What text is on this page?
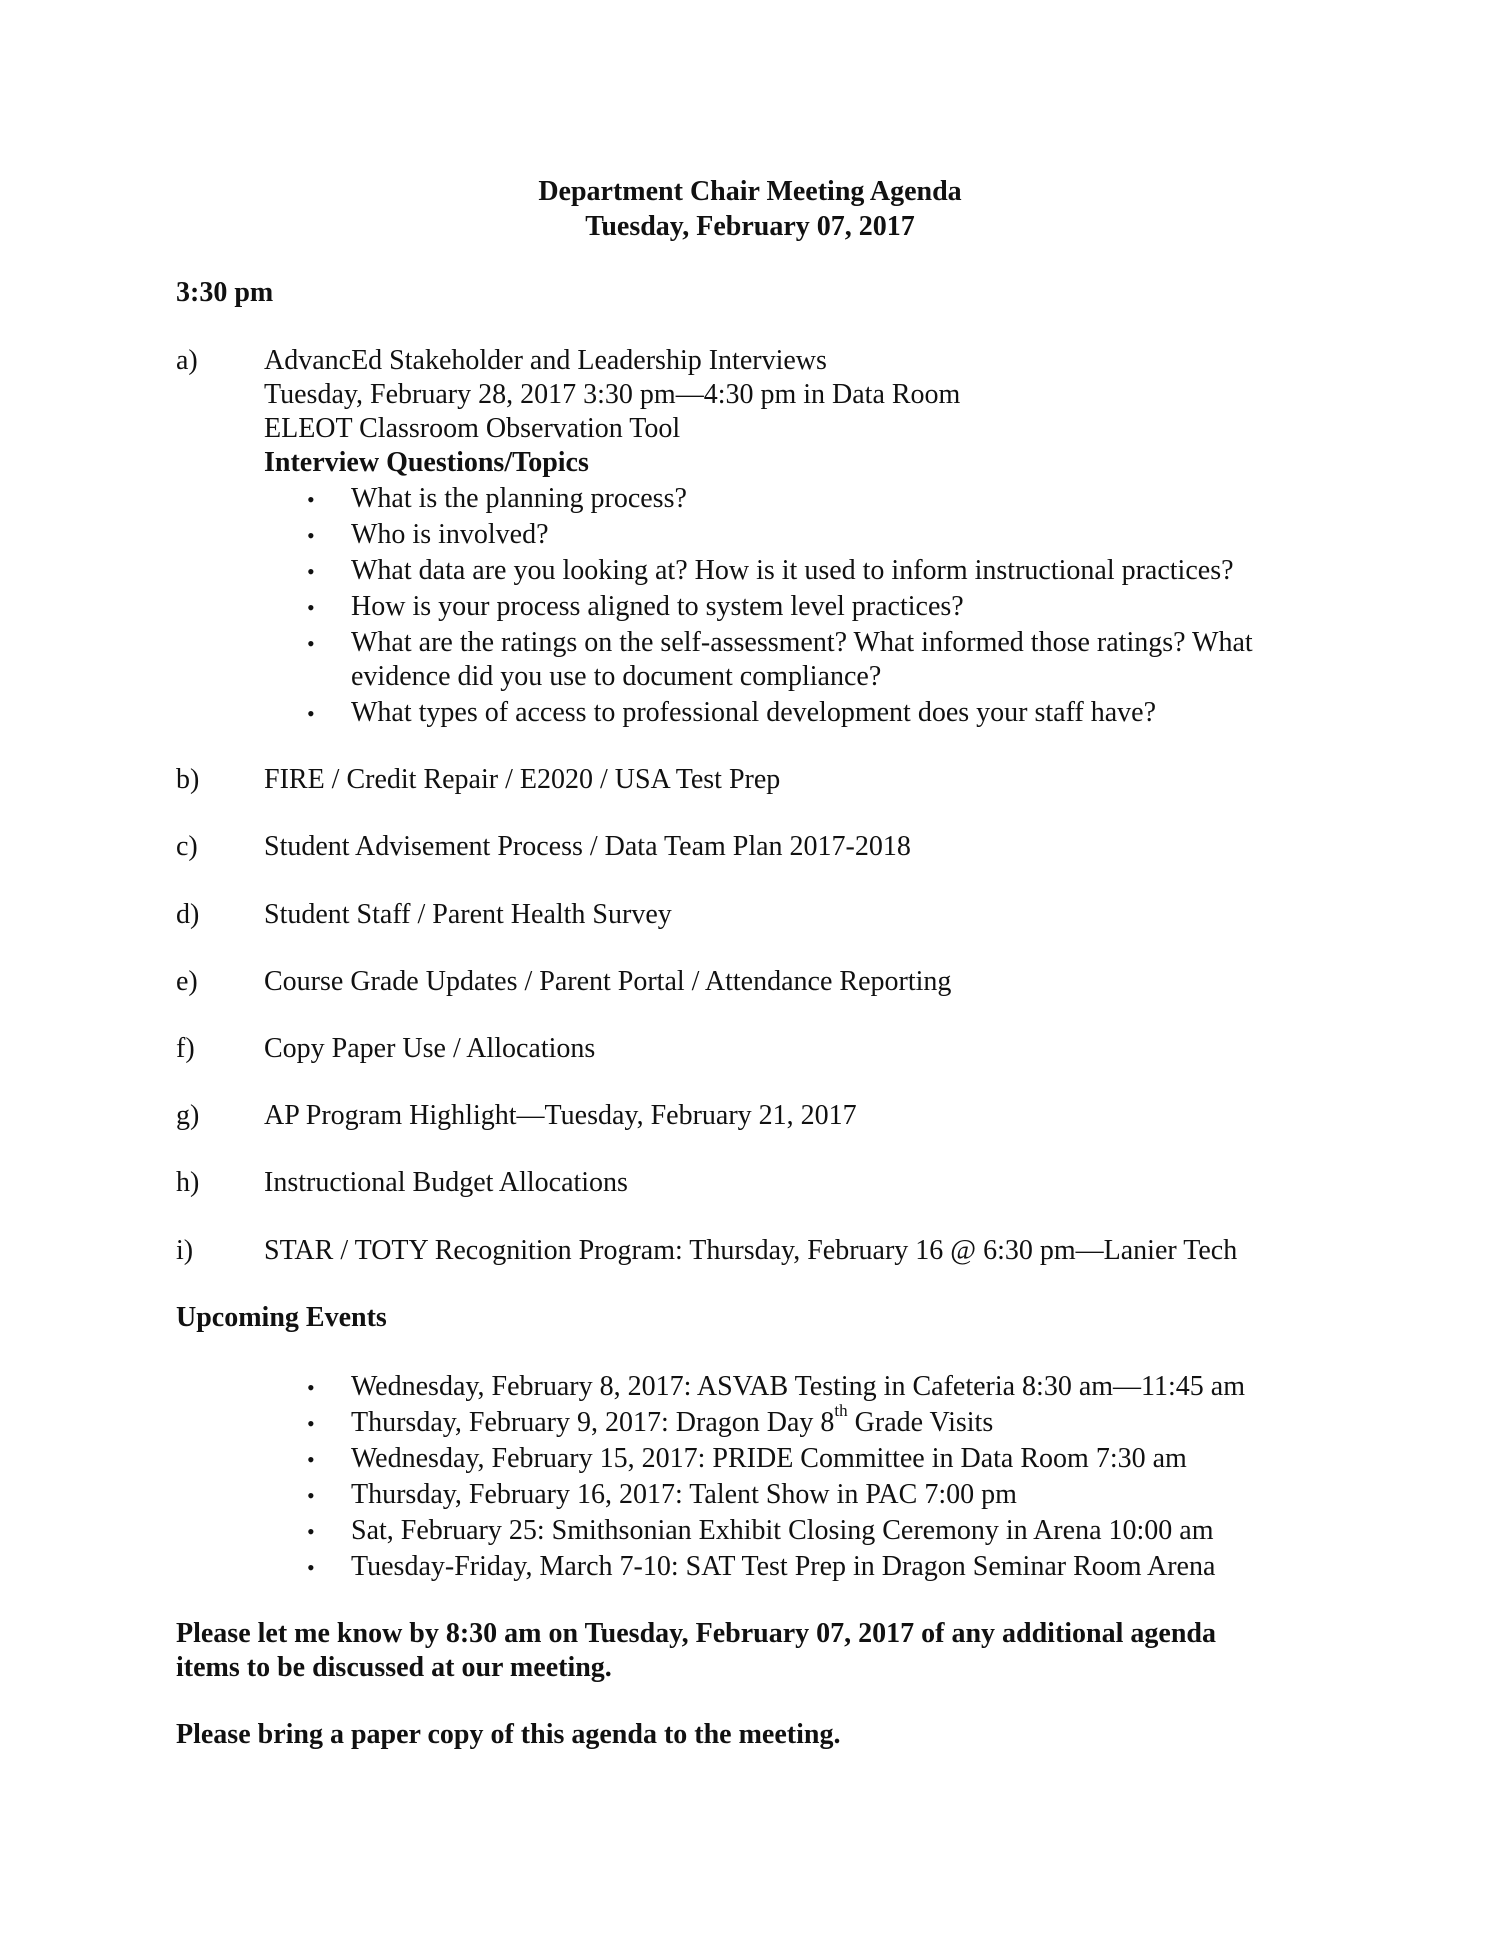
Department Chair Meeting Agenda
Tuesday, February 07, 2017
3:30 pm
a) AdvancEd Stakeholder and Leadership Interviews
Tuesday, February 28, 2017 3:30 pm—4:30 pm in Data Room
ELEOT Classroom Observation Tool
Interview Questions/Topics
• What is the planning process?
• Who is involved?
• What data are you looking at? How is it used to inform instructional practices?
• How is your process aligned to system level practices?
• What are the ratings on the self-assessment? What informed those ratings? What
evidence did you use to document compliance?
• What types of access to professional development does your staff have?
b) FIRE / Credit Repair / E2020 / USA Test Prep
c) Student Advisement Process / Data Team Plan 2017-2018
d) Student Staff / Parent Health Survey
e) Course Grade Updates / Parent Portal / Attendance Reporting
f) Copy Paper Use / Allocations
g) AP Program Highlight—Tuesday, February 21, 2017
h) Instructional Budget Allocations
i)	STAR / TOTY Recognition Program: Thursday, February 16 @ 6:30 pm—Lanier Tech
Upcoming Events
• Wednesday, February 8, 2017: ASVAB Testing in Cafeteria 8:30 am—11:45 am
• Thursday, February 9, 2017: Dragon Day 8th Grade Visits
• Wednesday, February 15, 2017: PRIDE Committee in Data Room 7:30 am
• Thursday, February 16, 2017: Talent Show in PAC 7:00 pm
• Sat, February 25: Smithsonian Exhibit Closing Ceremony in Arena 10:00 am
• Tuesday-Friday, March 7-10: SAT Test Prep in Dragon Seminar Room Arena
Please let me know by 8:30 am on Tuesday, February 07, 2017 of any additional agenda
items to be discussed at our meeting.
Please bring a paper copy of this agenda to the meeting.
